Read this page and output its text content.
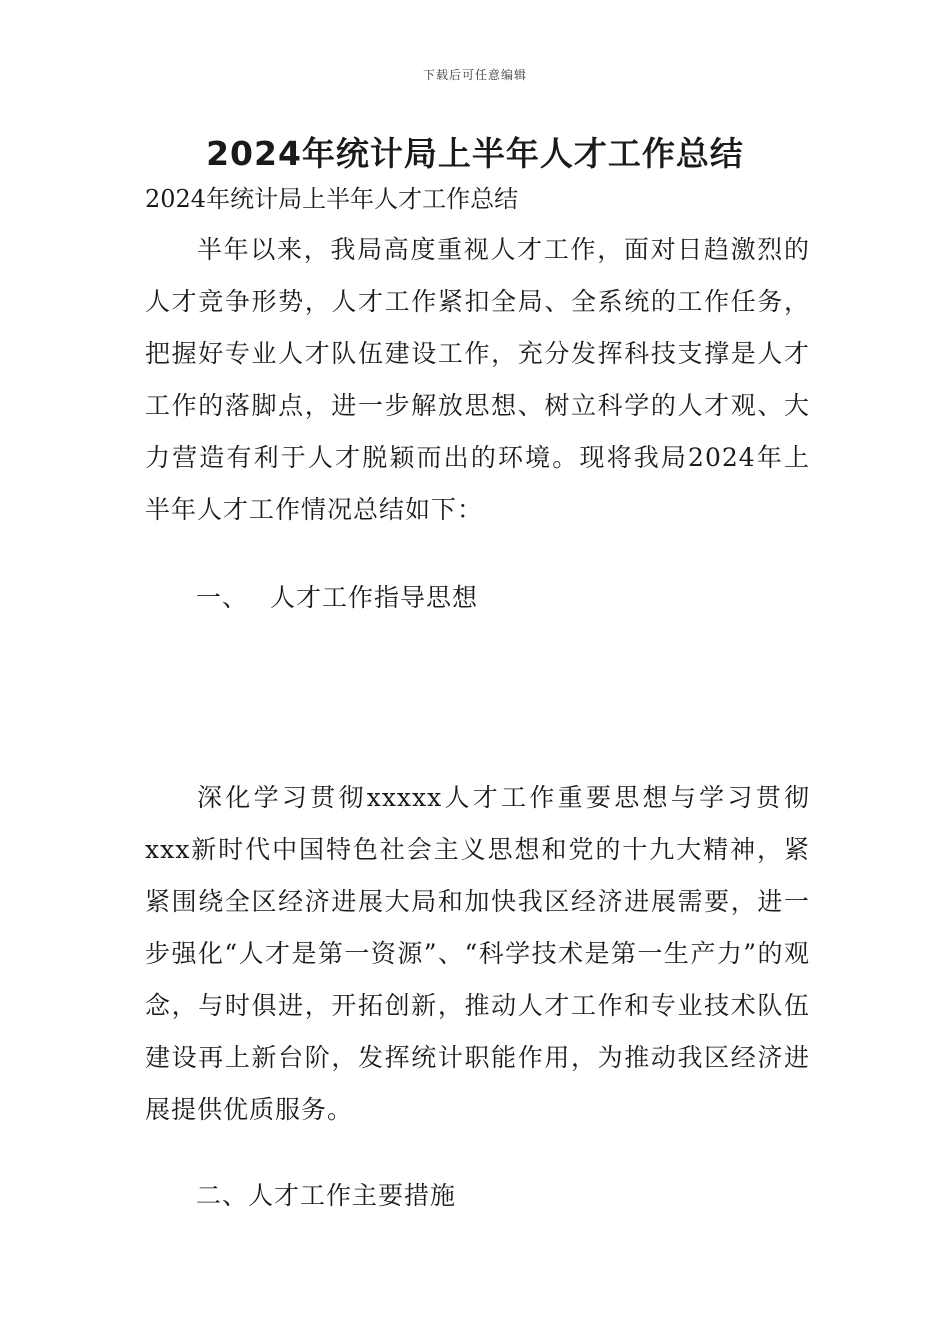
下载后可任意编辑
2024年统计局上半年人才工作总结

2024年统计局上半年人才工作总结

半年以来，我局高度重视人才工作，面对日趋激烈的人才竞争形势，人才工作紧扣全局、全系统的工作任务，把握好专业人才队伍建设工作，充分发挥科技支撑是人才工作的落脚点，进一步解放思想、树立科学的人才观、大力营造有利于人才脱颖而出的环境。现将我局2024年上半年人才工作情况总结如下：

一、 人才工作指导思想

深化学习贯彻xxxxx人才工作重要思想与学习贯彻xxx新时代中国特色社会主义思想和党的十九大精神，紧紧围绕全区经济进展大局和加快我区经济进展需要，进一步强化“人才是第一资源”、“科学技术是第一生产力”的观念，与时俱进，开拓创新，推动人才工作和专业技术队伍建设再上新台阶，发挥统计职能作用，为推动我区经济进展提供优质服务。

二、人才工作主要措施
